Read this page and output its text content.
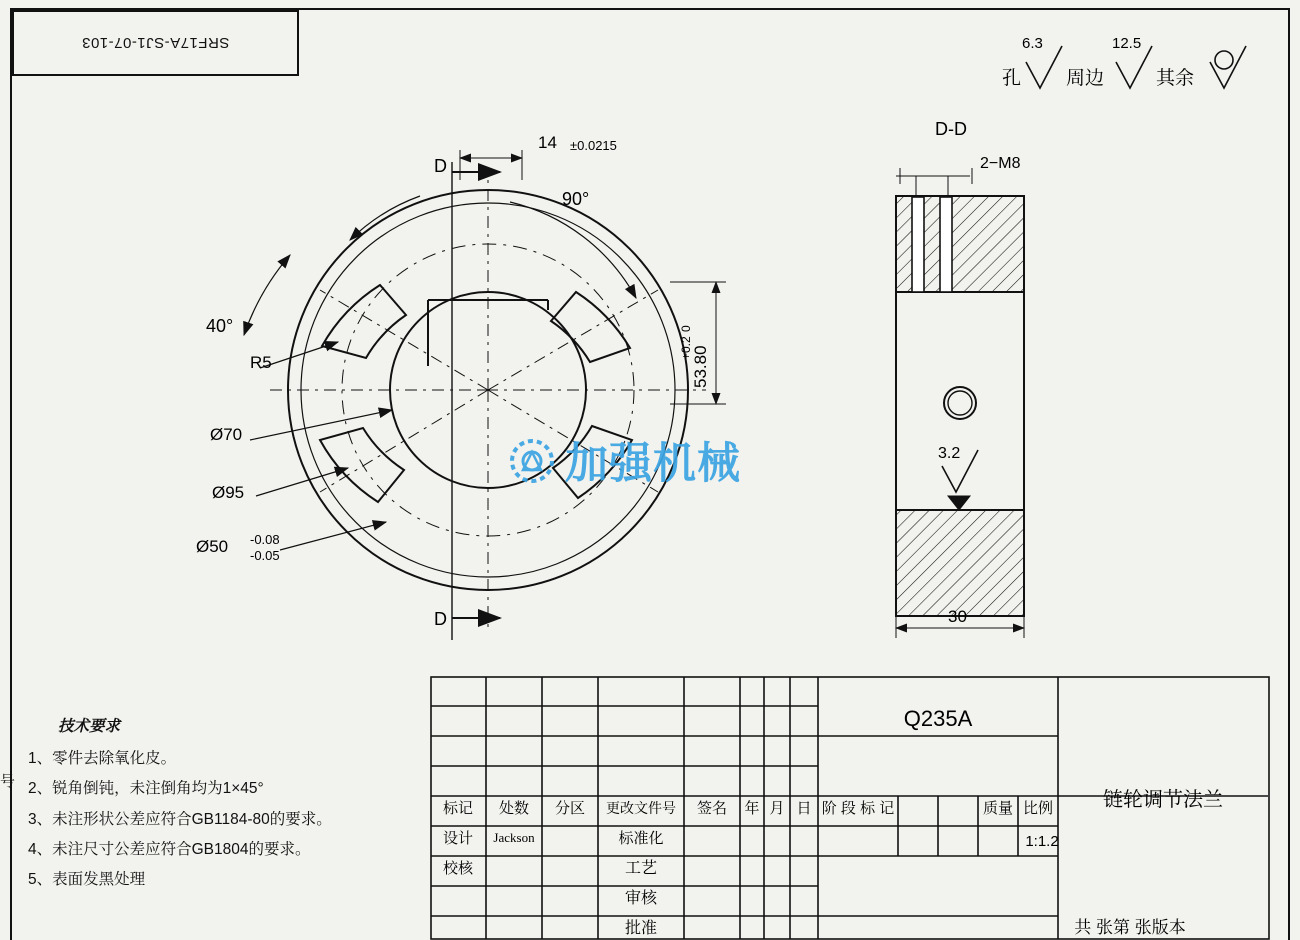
SRF17A-SJ1-07-103
号
孔
6.3
周边
12.5
其余
D
D
14 ±0.0215
90°
40°
R5
Ø70
Ø95
Ø50 -0.08
-0.05
53.80
+0.2
0
D-D
2−M8
3.2
30
加强机械
技术要求
1、零件去除氧化皮。
2、锐角倒钝，未注倒角均为1×45°
3、未注形状公差应符合GB1184-80的要求。
4、未注尺寸公差应符合GB1804的要求。
5、表面发黑处理
标记 处数 分区 更改文件号 签名 年 月 日
设计 Jackson
校核
标准化
工艺
审核
批准
Q235A
阶 段 标 记	质量 比例
1:1.2
链轮调节法兰
共 张第 张版本
